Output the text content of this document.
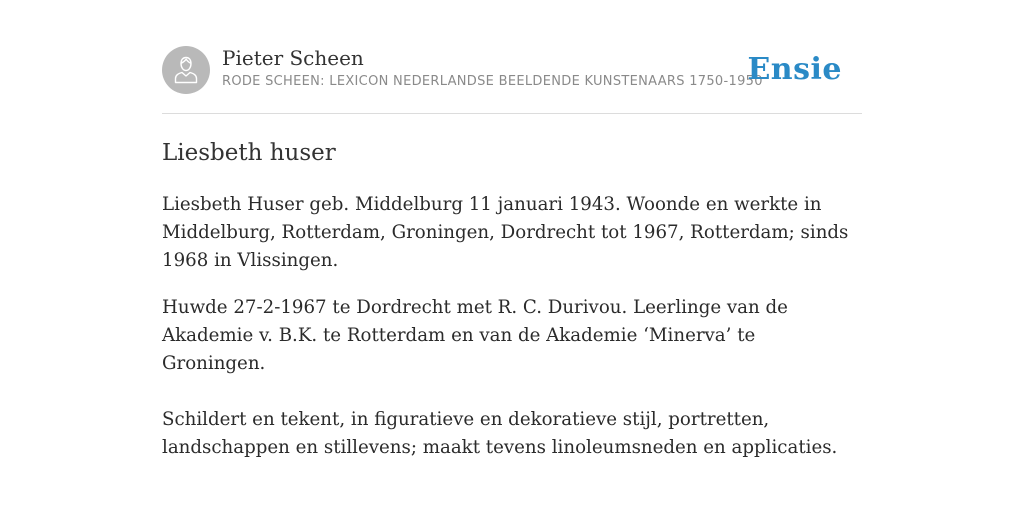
Pieter Scheen
RODE SCHEEN: LEXICON NEDERLANDSE BEELDENDE KUNSTENAARS 1750-1950
Ensie
Liesbeth huser

Liesbeth Huser geb. Middelburg 11 januari 1943. Woonde en werkte in Middelburg, Rotterdam, Groningen, Dordrecht tot 1967, Rotterdam; sinds 1968 in Vlissingen.

Huwde 27-2-1967 te Dordrecht met R. C. Durivou. Leerlinge van de Akademie v. B.K. te Rotterdam en van de Akademie ‘Minerva’ te Groningen.

Schildert en tekent, in figuratieve en dekoratieve stijl, portretten, landschappen en stillevens; maakt tevens linoleumsneden en applicaties.
